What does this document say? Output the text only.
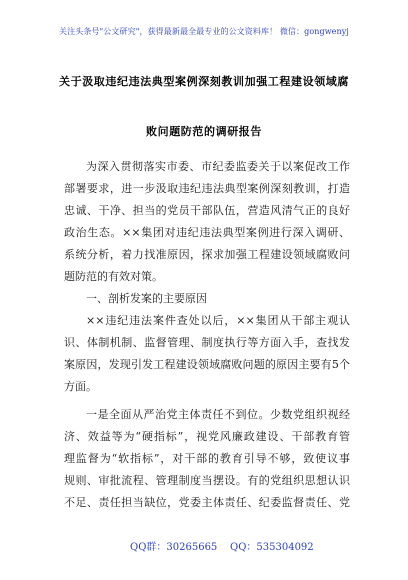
关注头条号"公文研究"，获得最新最全最专业的公文资料库！ 微信：gongwenyj
关于汲取违纪违法典型案例深刻教训加强工程建设领域腐
败问题防范的调研报告
为深入贯彻落实市委、市纪委监委关于以案促改工作
部署要求，进一步汲取违纪违法典型案例深刻教训，打造
忠诚、干净、担当的党员干部队伍，营造风清气正的良好
政治生态。××集团对违纪违法典型案例进行深入调研、
系统分析，着力找准原因，探求加强工程建设领域腐败问
题防范的有效对策。
一、剖析发案的主要原因
××违纪违法案件查处以后，××集团从干部主观认
识、体制机制、监督管理、制度执行等方面入手，查找发
案原因，发现引发工程建设领域腐败问题的原因主要有5个
方面。
一是全面从严治党主体责任不到位。少数党组织视经
济、效益等为“硬指标”，视党风廉政建设、干部教育管
理监督为“软指标”，对干部的教育引导不够，致使议事
规则、审批流程、管理制度当摆设。有的党组织思想认识
不足、责任担当缺位，党委主体责任、纪委监督责任、党
QQ群：30265665 QQ：535304092
